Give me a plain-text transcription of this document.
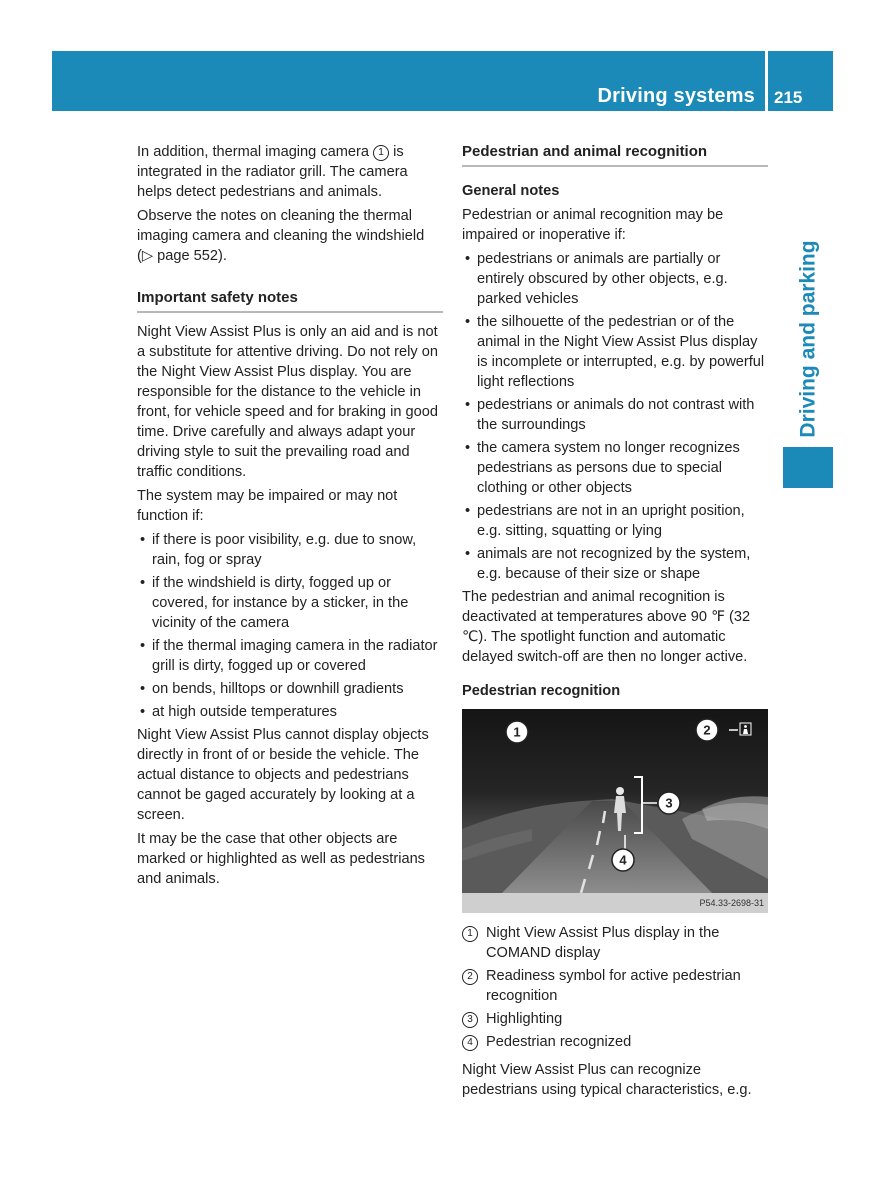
Driving systems 215
Driving and parking

In addition, thermal imaging camera 1 is integrated in the radiator grill. The camera helps detect pedestrians and animals.

Observe the notes on cleaning the thermal imaging camera and cleaning the windshield (▷ page 552).

Important safety notes

Night View Assist Plus is only an aid and is not a substitute for attentive driving. Do not rely on the Night View Assist Plus display. You are responsible for the distance to the vehicle in front, for vehicle speed and for braking in good time. Drive carefully and always adapt your driving style to suit the prevailing road and traffic conditions.

The system may be impaired or may not function if:

• if there is poor visibility, e.g. due to snow, rain, fog or spray
• if the windshield is dirty, fogged up or covered, for instance by a sticker, in the vicinity of the camera
• if the thermal imaging camera in the radiator grill is dirty, fogged up or covered
• on bends, hilltops or downhill gradients
• at high outside temperatures

Night View Assist Plus cannot display objects directly in front of or beside the vehicle. The actual distance to objects and pedestrians cannot be gaged accurately by looking at a screen.

It may be the case that other objects are marked or highlighted as well as pedestrians and animals.

Pedestrian and animal recognition
General notes

Pedestrian or animal recognition may be impaired or inoperative if:

• pedestrians or animals are partially or entirely obscured by other objects, e.g. parked vehicles
• the silhouette of the pedestrian or of the animal in the Night View Assist Plus display is incomplete or interrupted, e.g. by powerful light reflections
• pedestrians or animals do not contrast with the surroundings
• the camera system no longer recognizes pedestrians as persons due to special clothing or other objects
• pedestrians are not in an upright position, e.g. sitting, squatting or lying
• animals are not recognized by the system, e.g. because of their size or shape

The pedestrian and animal recognition is deactivated at temperatures above 90 ℉ (32 ℃). The spotlight function and automatic delayed switch-off are then no longer active.

Pedestrian recognition
1	2
3
4
P54.33-2698-31
1 Night View Assist Plus display in the COMAND display
2 Readiness symbol for active pedestrian recognition
3 Highlighting
4 Pedestrian recognized

Night View Assist Plus can recognize pedestrians using typical characteristics, e.g.
